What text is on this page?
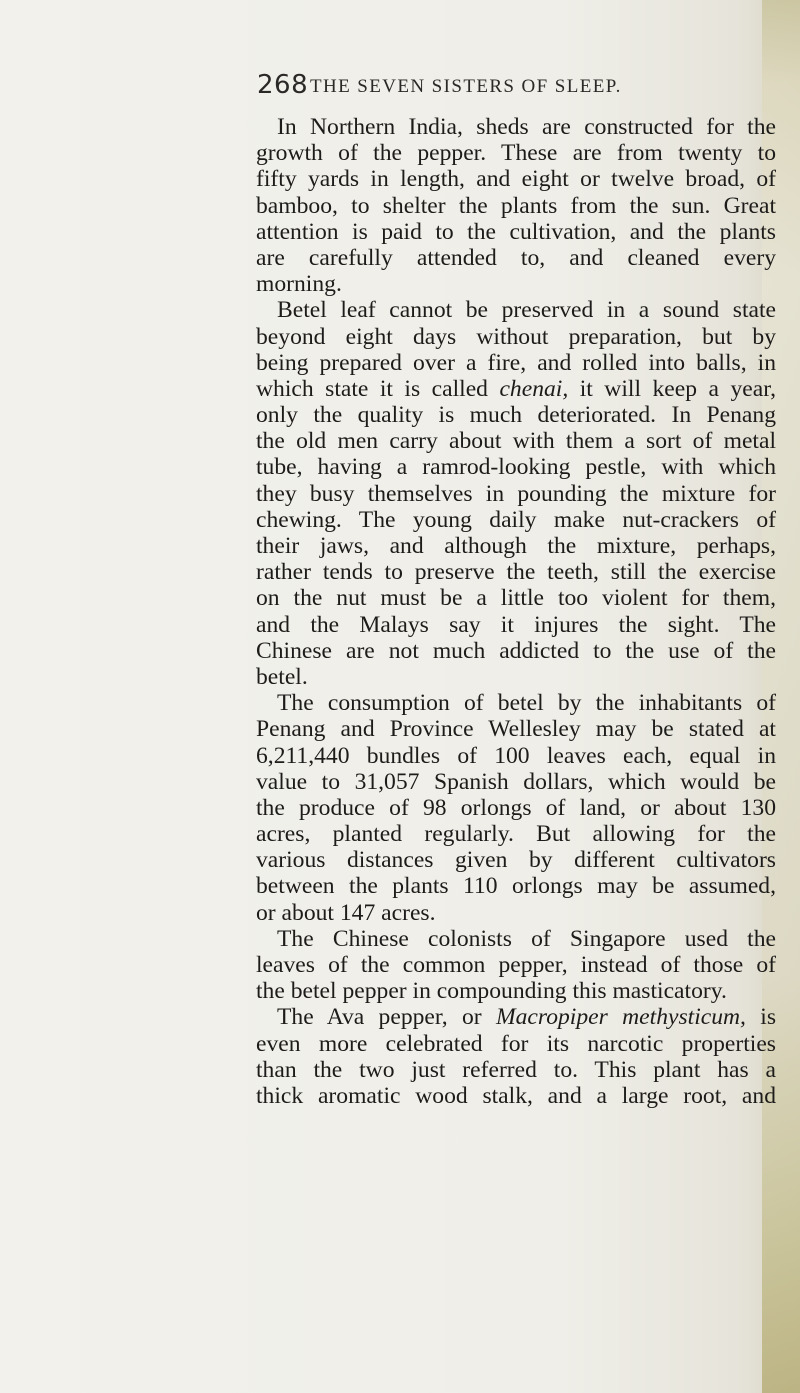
268 THE SEVEN SISTERS OF SLEEP.
In Northern India, sheds are constructed for the
growth of the pepper. These are from twenty to
fifty yards in length, and eight or twelve broad, of
bamboo, to shelter the plants from the sun. Great
attention is paid to the cultivation, and the plants
are carefully attended to, and cleaned every
morning.
Betel leaf cannot be preserved in a sound state
beyond eight days without preparation, but by
being prepared over a fire, and rolled into balls, in
which state it is called chenai, it will keep a year,
only the quality is much deteriorated. In Penang
the old men carry about with them a sort of metal
tube, having a ramrod-looking pestle, with which
they busy themselves in pounding the mixture for
chewing. The young daily make nut-crackers of
their jaws, and although the mixture, perhaps,
rather tends to preserve the teeth, still the exercise
on the nut must be a little too violent for them,
and the Malays say it injures the sight. The
Chinese are not much addicted to the use of the
betel.
The consumption of betel by the inhabitants of
Penang and Province Wellesley may be stated at
6,211,440 bundles of 100 leaves each, equal in
value to 31,057 Spanish dollars, which would be
the produce of 98 orlongs of land, or about 130
acres, planted regularly. But allowing for the
various distances given by different cultivators
between the plants 110 orlongs may be assumed,
or about 147 acres.
The Chinese colonists of Singapore used the
leaves of the common pepper, instead of those of
the betel pepper in compounding this masticatory.
The Ava pepper, or Macropiper methysticum, is
even more celebrated for its narcotic properties
than the two just referred to. This plant has a
thick aromatic wood stalk, and a large root, and
